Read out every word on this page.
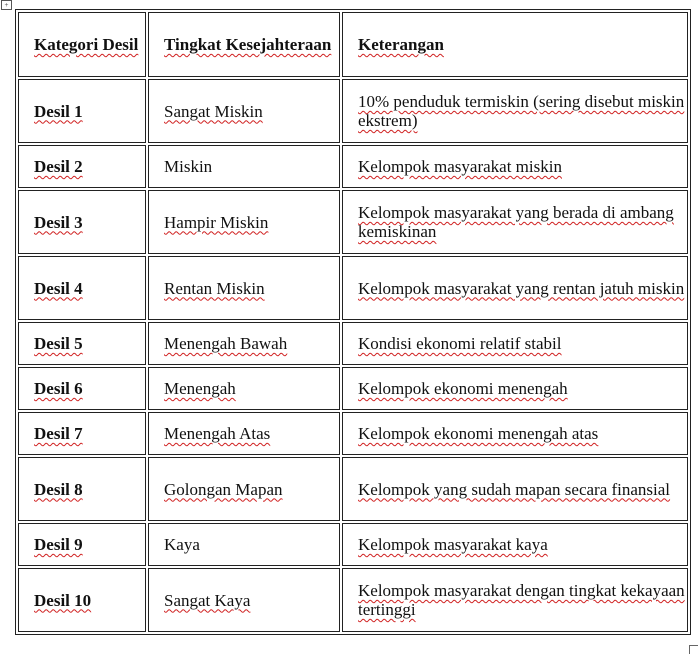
+
Kategori Desil	Tingkat Kesejahteraan	Keterangan
Desil 1	Sangat Miskin	10% penduduk termiskin (sering disebut miskin ekstrem)
Desil 2	Miskin	Kelompok masyarakat miskin
Desil 3	Hampir Miskin	Kelompok masyarakat yang berada di ambang kemiskinan
Desil 4	Rentan Miskin	Kelompok masyarakat yang rentan jatuh miskin
Desil 5	Menengah Bawah	Kondisi ekonomi relatif stabil
Desil 6	Menengah	Kelompok ekonomi menengah
Desil 7	Menengah Atas	Kelompok ekonomi menengah atas
Desil 8	Golongan Mapan	Kelompok yang sudah mapan secara finansial
Desil 9	Kaya	Kelompok masyarakat kaya
Desil 10	Sangat Kaya	Kelompok masyarakat dengan tingkat kekayaan tertinggi
